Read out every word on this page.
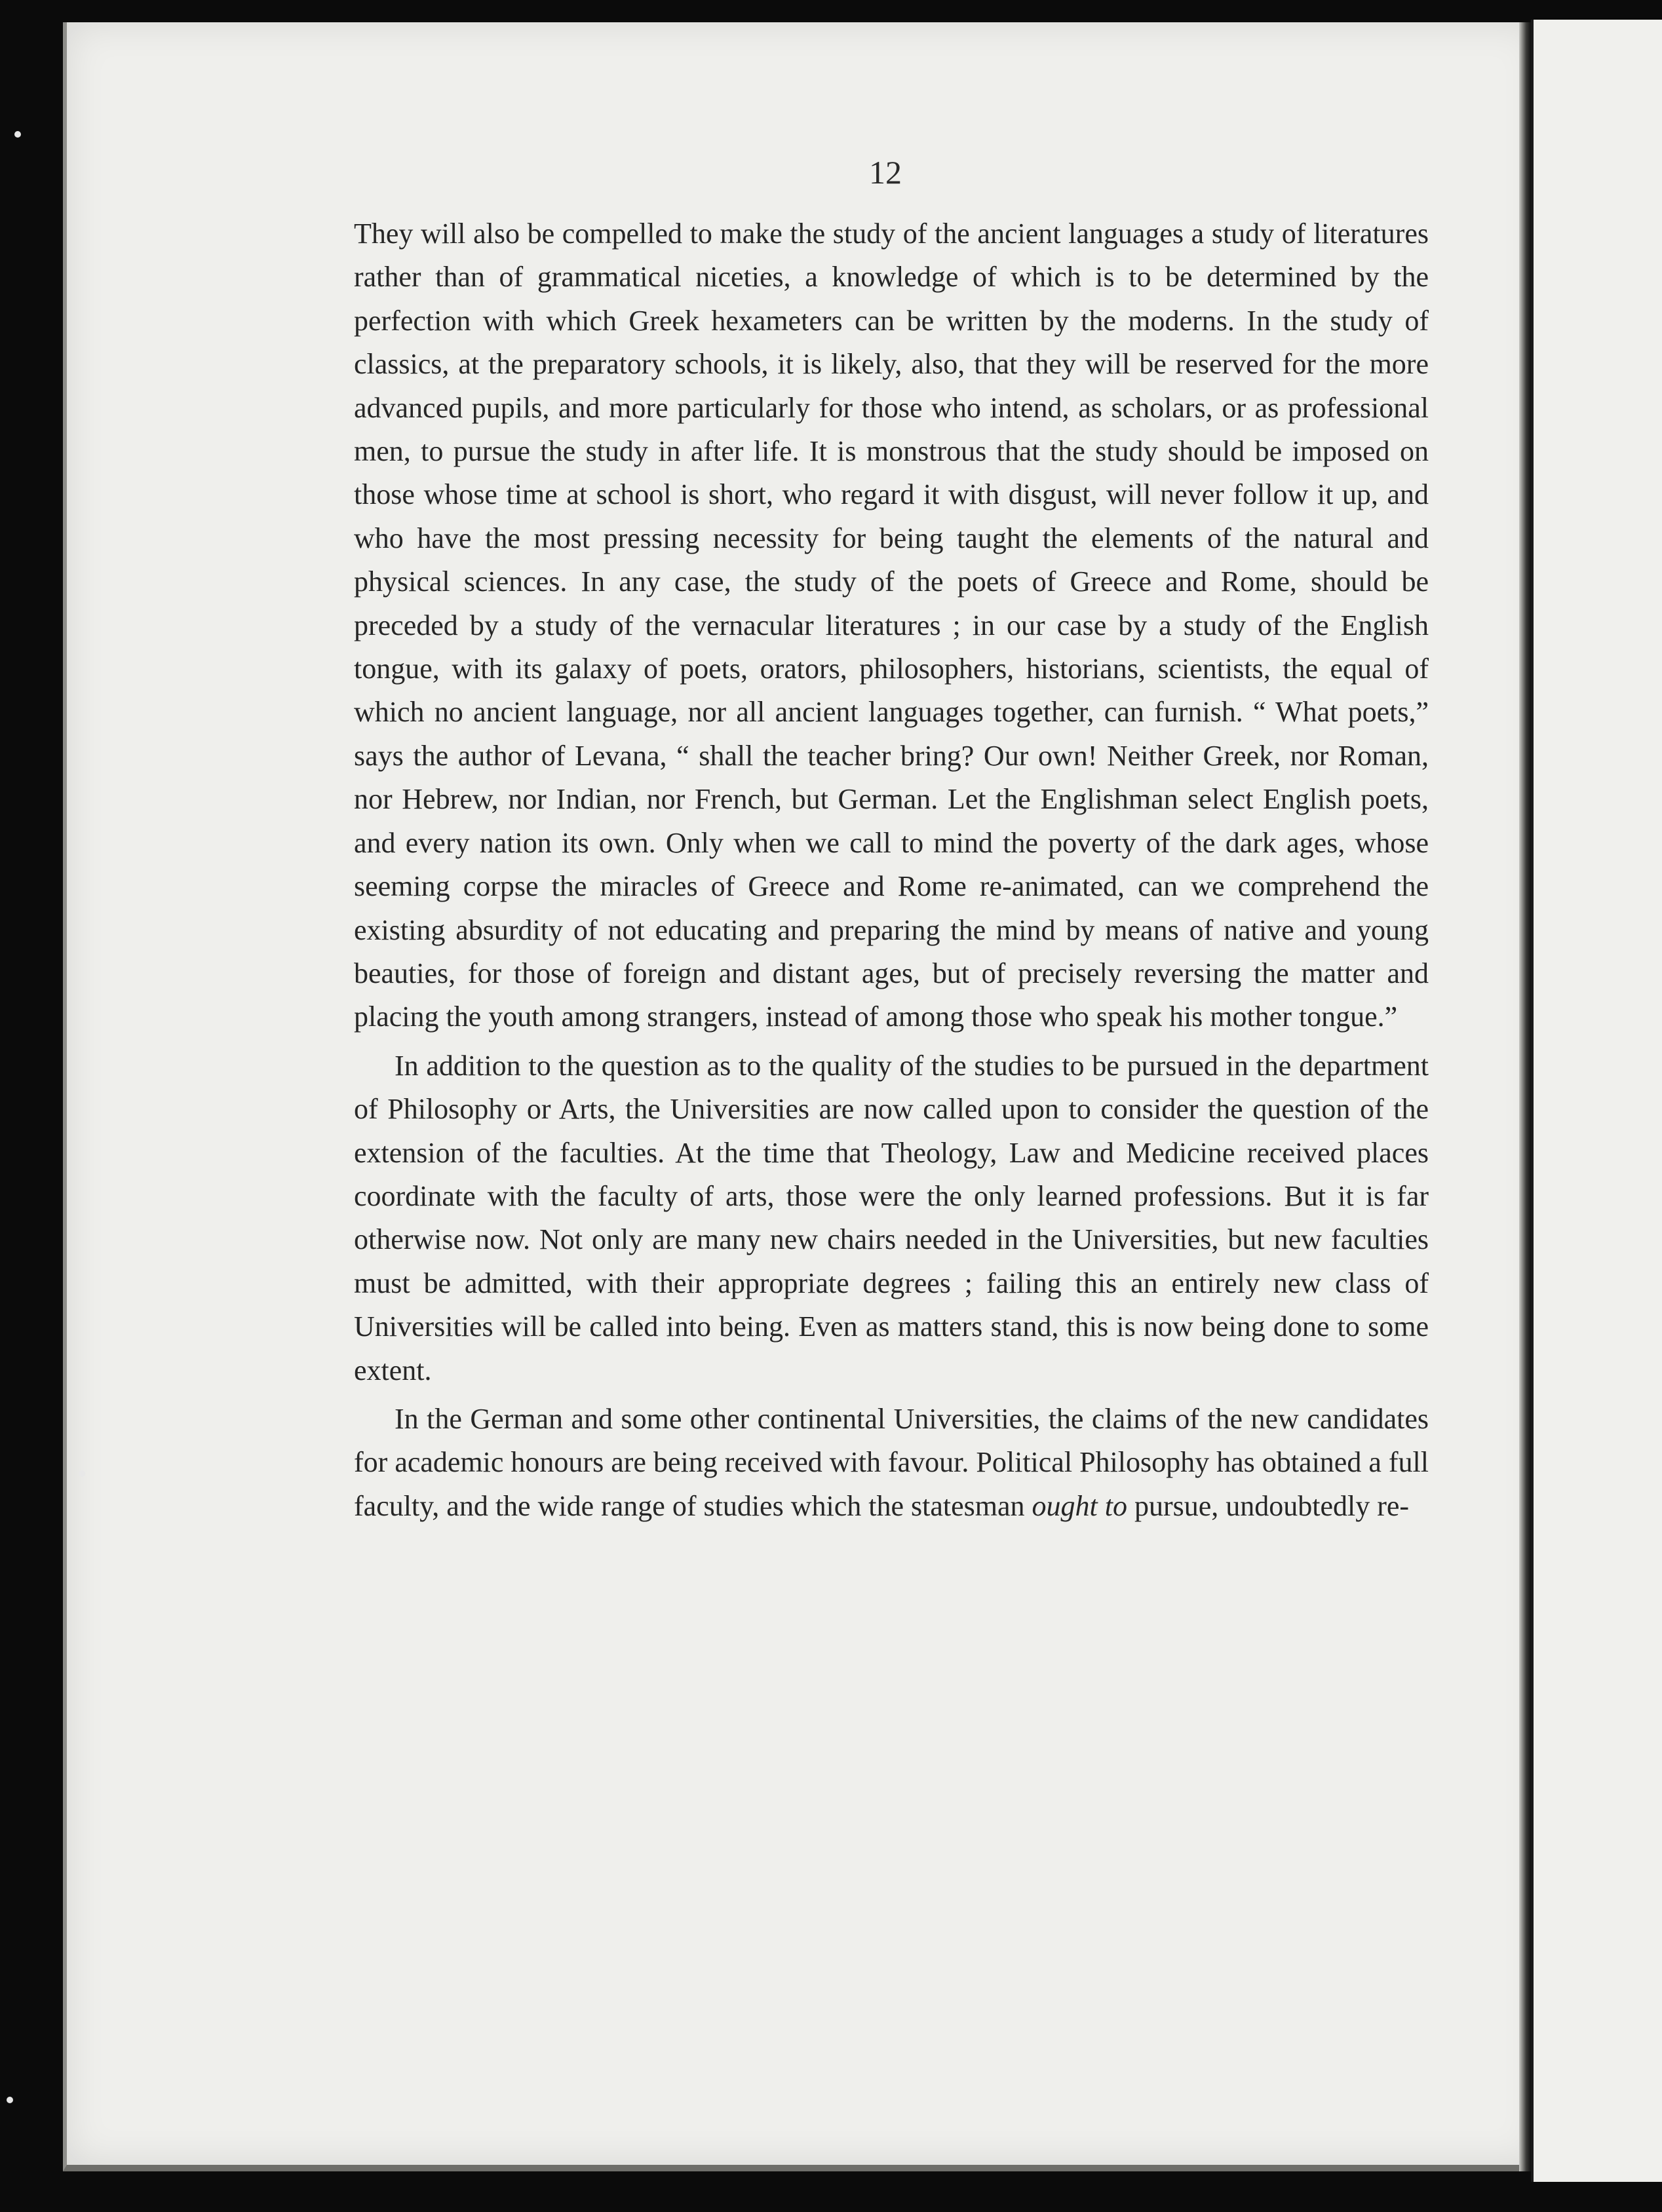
12

They will also be compelled to make the study of the ancient languages a study of literatures rather than of grammatical niceties, a knowledge of which is to be determined by the perfection with which Greek hexameters can be written by the moderns. In the study of classics, at the preparatory schools, it is likely, also, that they will be reserved for the more advanced pupils, and more particularly for those who intend, as scholars, or as professional men, to pursue the study in after life. It is monstrous that the study should be imposed on those whose time at school is short, who regard it with disgust, will never follow it up, and who have the most pressing necessity for being taught the elements of the natural and physical sciences. In any case, the study of the poets of Greece and Rome, should be preceded by a study of the vernacular literatures ; in our case by a study of the English tongue, with its galaxy of poets, orators, philosophers, historians, scientists, the equal of which no ancient language, nor all ancient languages together, can furnish. “ What poets,” says the author of Levana, “ shall the teacher bring? Our own! Neither Greek, nor Roman, nor Hebrew, nor Indian, nor French, but German. Let the Englishman select English poets, and every nation its own. Only when we call to mind the poverty of the dark ages, whose seeming corpse the miracles of Greece and Rome re-animated, can we comprehend the existing absurdity of not educating and preparing the mind by means of native and young beauties, for those of foreign and distant ages, but of precisely reversing the matter and placing the youth among strangers, instead of among those who speak his mother tongue.”

In addition to the question as to the quality of the studies to be pursued in the department of Philosophy or Arts, the Universities are now called upon to consider the question of the extension of the faculties. At the time that Theology, Law and Medicine received places coordinate with the faculty of arts, those were the only learned professions. But it is far otherwise now. Not only are many new chairs needed in the Universities, but new faculties must be admitted, with their appropriate degrees ; failing this an entirely new class of Universities will be called into being. Even as matters stand, this is now being done to some extent.

In the German and some other continental Universities, the claims of the new candidates for academic honours are being received with favour. Political Philosophy has obtained a full faculty, and the wide range of studies which the statesman ought to pursue, undoubtedly re-
